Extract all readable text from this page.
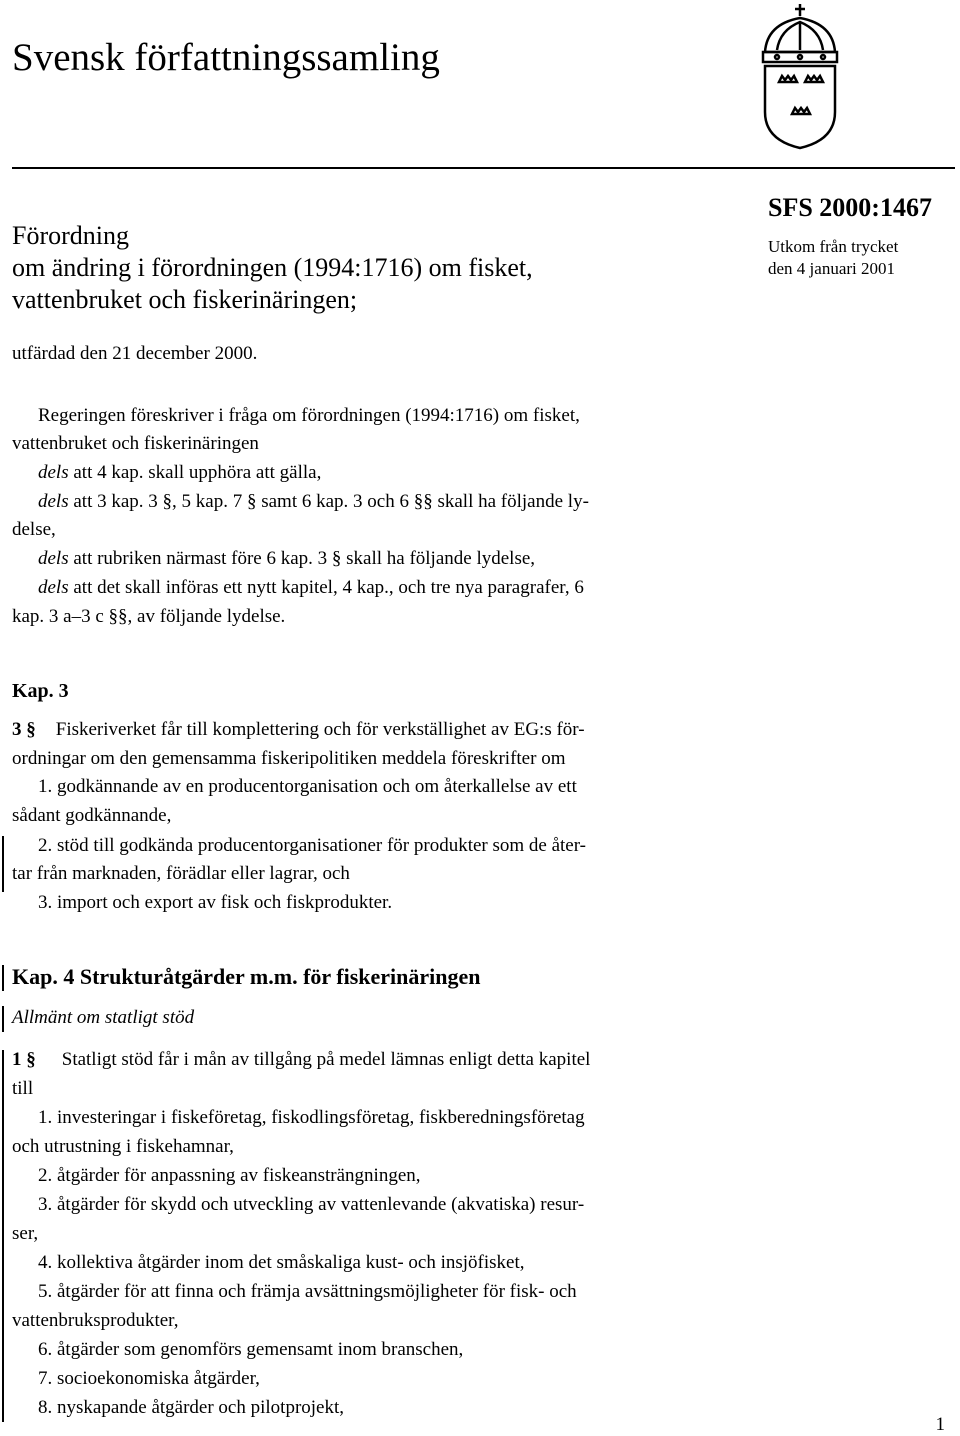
Svensk författningssamling
Förordning
om ändring i förordningen (1994:1716) om fisket,
vattenbruket och fiskerinäringen;
SFS 2000:1467
Utkom från trycket
den 4 januari 2001
utfärdad den 21 december 2000.
Regeringen föreskriver i fråga om förordningen (1994:1716) om fisket,
vattenbruket och fiskerinäringen
dels att 4 kap. skall upphöra att gälla,
dels att 3 kap. 3 §, 5 kap. 7 § samt 6 kap. 3 och 6 §§ skall ha följande ly-
delse,
dels att rubriken närmast före 6 kap. 3 § skall ha följande lydelse,
dels att det skall införas ett nytt kapitel, 4 kap., och tre nya paragrafer, 6
kap. 3 a–3 c §§, av följande lydelse.
Kap. 3
3 § Fiskeriverket får till komplettering och för verkställighet av EG:s för-
ordningar om den gemensamma fiskeripolitiken meddela föreskrifter om
1. godkännande av en producentorganisation och om återkallelse av ett
sådant godkännande,
2. stöd till godkända producentorganisationer för produkter som de åter-
tar från marknaden, förädlar eller lagrar, och
3. import och export av fisk och fiskprodukter.
Kap. 4 Strukturåtgärder m.m. för fiskerinäringen
Allmänt om statligt stöd
1 § Statligt stöd får i mån av tillgång på medel lämnas enligt detta kapitel
till
1. investeringar i fiskeföretag, fiskodlingsföretag, fiskberedningsföretag
och utrustning i fiskehamnar,
2. åtgärder för anpassning av fiskeansträngningen,
3. åtgärder för skydd och utveckling av vattenlevande (akvatiska) resur-
ser,
4. kollektiva åtgärder inom det småskaliga kust- och insjöfisket,
5. åtgärder för att finna och främja avsättningsmöjligheter för fisk- och
vattenbruksprodukter,
6. åtgärder som genomförs gemensamt inom branschen,
7. socioekonomiska åtgärder,
8. nyskapande åtgärder och pilotprojekt,
1
